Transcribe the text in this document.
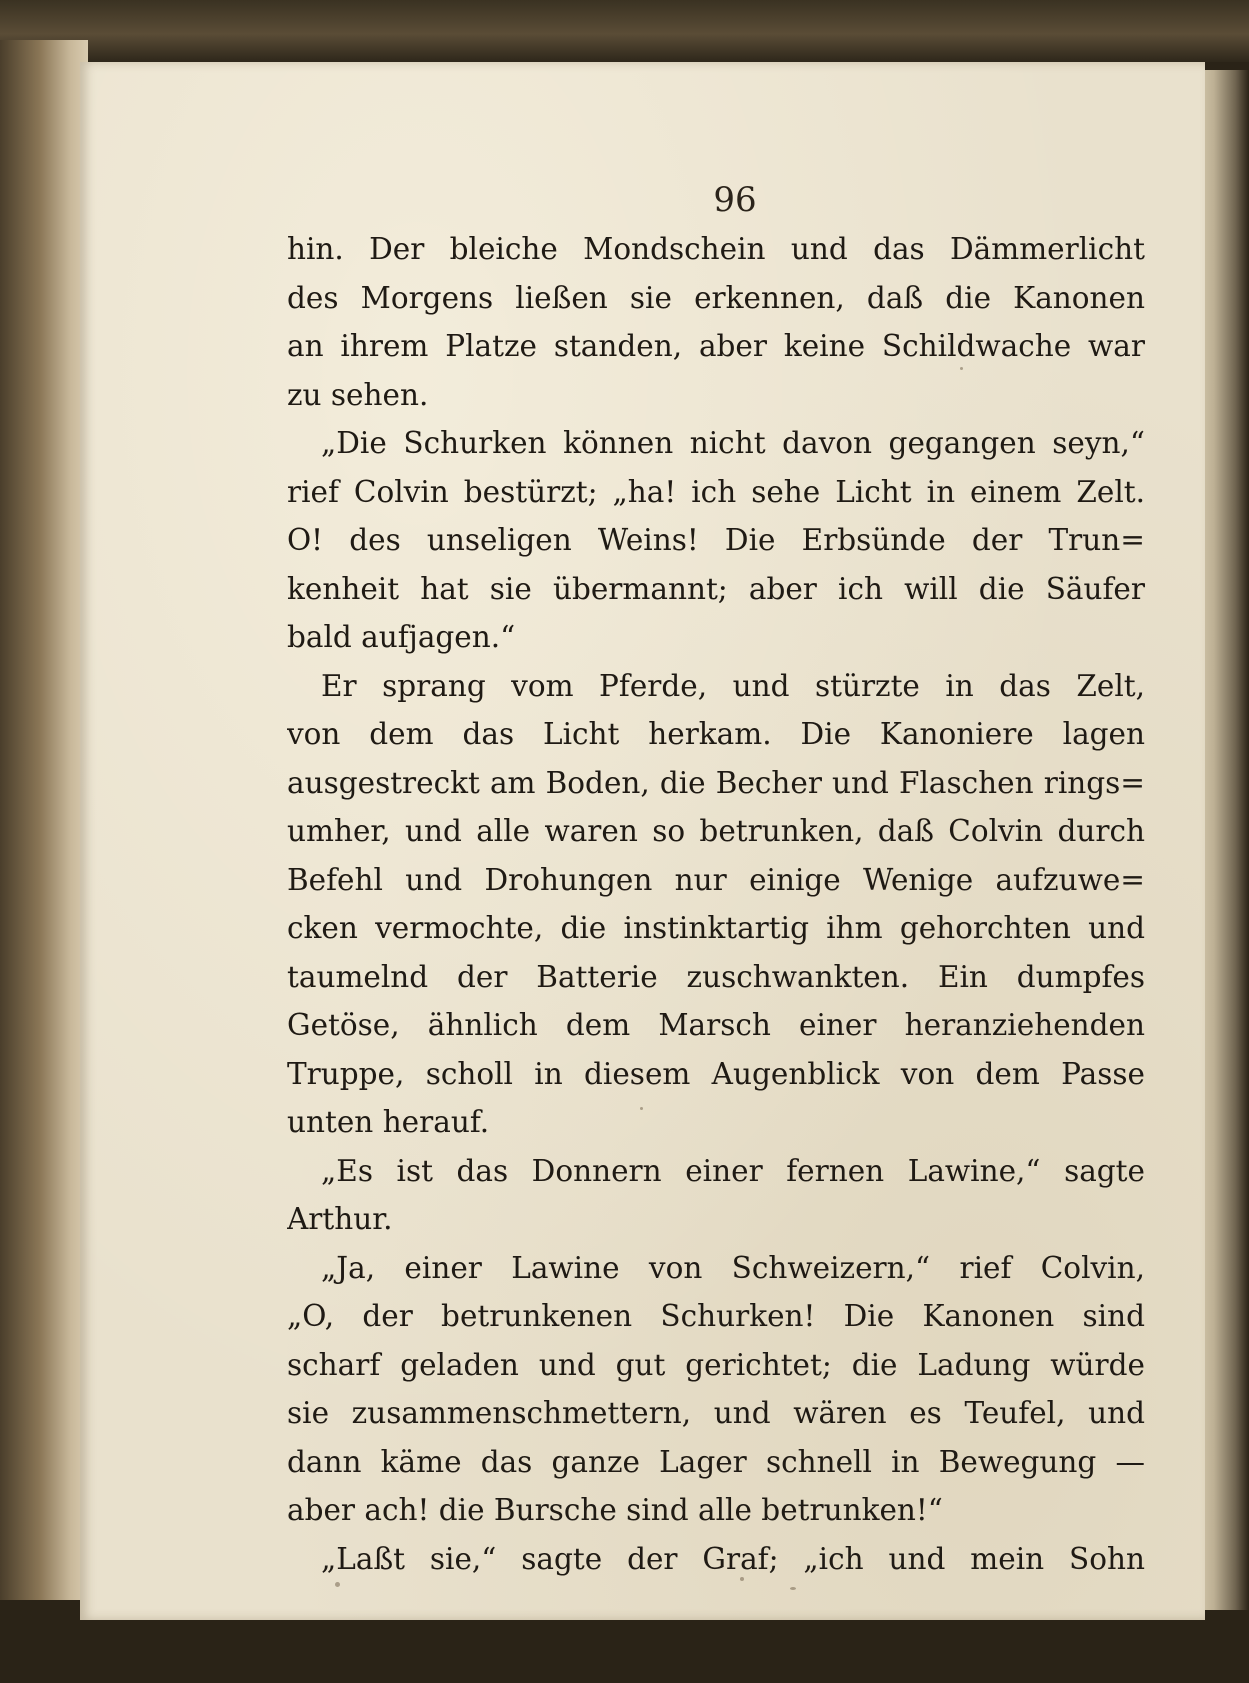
96
hin. Der bleiche Mondschein und das Dämmerlicht
des Morgens ließen sie erkennen, daß die Kanonen
an ihrem Platze standen, aber keine Schildwache war
zu sehen.
„Die Schurken können nicht davon gegangen seyn,“
rief Colvin bestürzt; „ha! ich sehe Licht in einem Zelt.
O! des unseligen Weins! Die Erbsünde der Trun=
kenheit hat sie übermannt; aber ich will die Säufer
bald aufjagen.“
Er sprang vom Pferde, und stürzte in das Zelt,
von dem das Licht herkam. Die Kanoniere lagen
ausgestreckt am Boden, die Becher und Flaschen rings=
umher, und alle waren so betrunken, daß Colvin durch
Befehl und Drohungen nur einige Wenige aufzuwe=
cken vermochte, die instinktartig ihm gehorchten und
taumelnd der Batterie zuschwankten. Ein dumpfes
Getöse, ähnlich dem Marsch einer heranziehenden
Truppe, scholl in diesem Augenblick von dem Passe
unten herauf.
„Es ist das Donnern einer fernen Lawine,“ sagte
Arthur.
„Ja, einer Lawine von Schweizern,“ rief Colvin,
„O, der betrunkenen Schurken! Die Kanonen sind
scharf geladen und gut gerichtet; die Ladung würde
sie zusammenschmettern, und wären es Teufel, und
dann käme das ganze Lager schnell in Bewegung —
aber ach! die Bursche sind alle betrunken!“
„Laßt sie,“ sagte der Graf; „ich und mein Sohn
